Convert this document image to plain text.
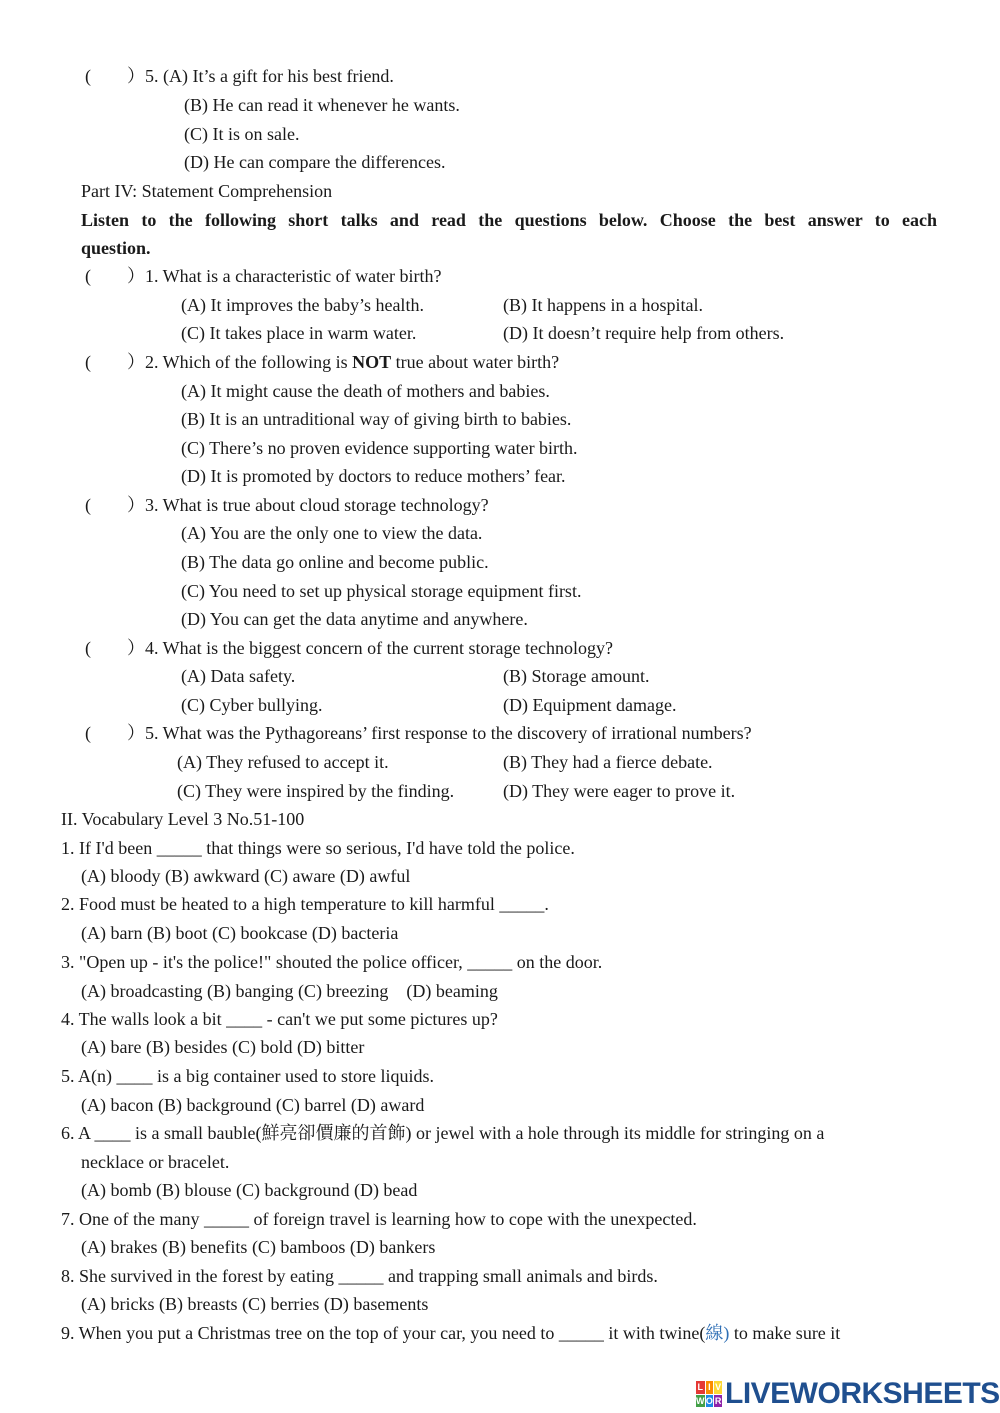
(　　）5. (A) It’s a gift for his best friend.
(B) He can read it whenever he wants.
(C) It is on sale.
(D) He can compare the differences.
Part IV: Statement Comprehension
Listen to the following short talks and read the questions below. Choose the best answer to each
question.
(　　）1. What is a characteristic of water birth?
(A) It improves the baby’s health.	(B) It happens in a hospital.
(C) It takes place in warm water.	(D) It doesn’t require help from others.
(　　）2. Which of the following is NOT true about water birth?
(A) It might cause the death of mothers and babies.
(B) It is an untraditional way of giving birth to babies.
(C) There’s no proven evidence supporting water birth.
(D) It is promoted by doctors to reduce mothers’ fear.
(　　）3. What is true about cloud storage technology?
(A) You are the only one to view the data.
(B) The data go online and become public.
(C) You need to set up physical storage equipment first.
(D) You can get the data anytime and anywhere.
(　　）4. What is the biggest concern of the current storage technology?
(A) Data safety.	(B) Storage amount.
(C) Cyber bullying.	(D) Equipment damage.
(　　）5. What was the Pythagoreans’ first response to the discovery of irrational numbers?
(A) They refused to accept it.	(B) They had a fierce debate.
(C) They were inspired by the finding.	(D) They were eager to prove it.
II. Vocabulary Level 3 No.51-100
1. If I'd been _____ that things were so serious, I'd have told the police.
(A) bloody (B) awkward (C) aware (D) awful
2. Food must be heated to a high temperature to kill harmful _____.
(A) barn (B) boot (C) bookcase (D) bacteria
3. "Open up - it's the police!" shouted the police officer, _____ on the door.
(A) broadcasting (B) banging (C) breezing    (D) beaming
4. The walls look a bit ____ - can't we put some pictures up?
(A) bare (B) besides (C) bold (D) bitter
5. A(n) ____ is a big container used to store liquids.
(A) bacon (B) background (C) barrel (D) award
6. A ____ is a small bauble(鮮亮卻價廉的首飾) or jewel with a hole through its middle for stringing on a
necklace or bracelet.
(A) bomb (B) blouse (C) background (D) bead
7. One of the many _____ of foreign travel is learning how to cope with the unexpected.
(A) brakes (B) benefits (C) bamboos (D) bankers
8. She survived in the forest by eating _____ and trapping small animals and birds.
(A) bricks (B) breasts (C) berries (D) basements
9. When you put a Christmas tree on the top of your car, you need to _____ it with twine(線) to make sure it
L I V
W O R LIVEWORKSHEETS
